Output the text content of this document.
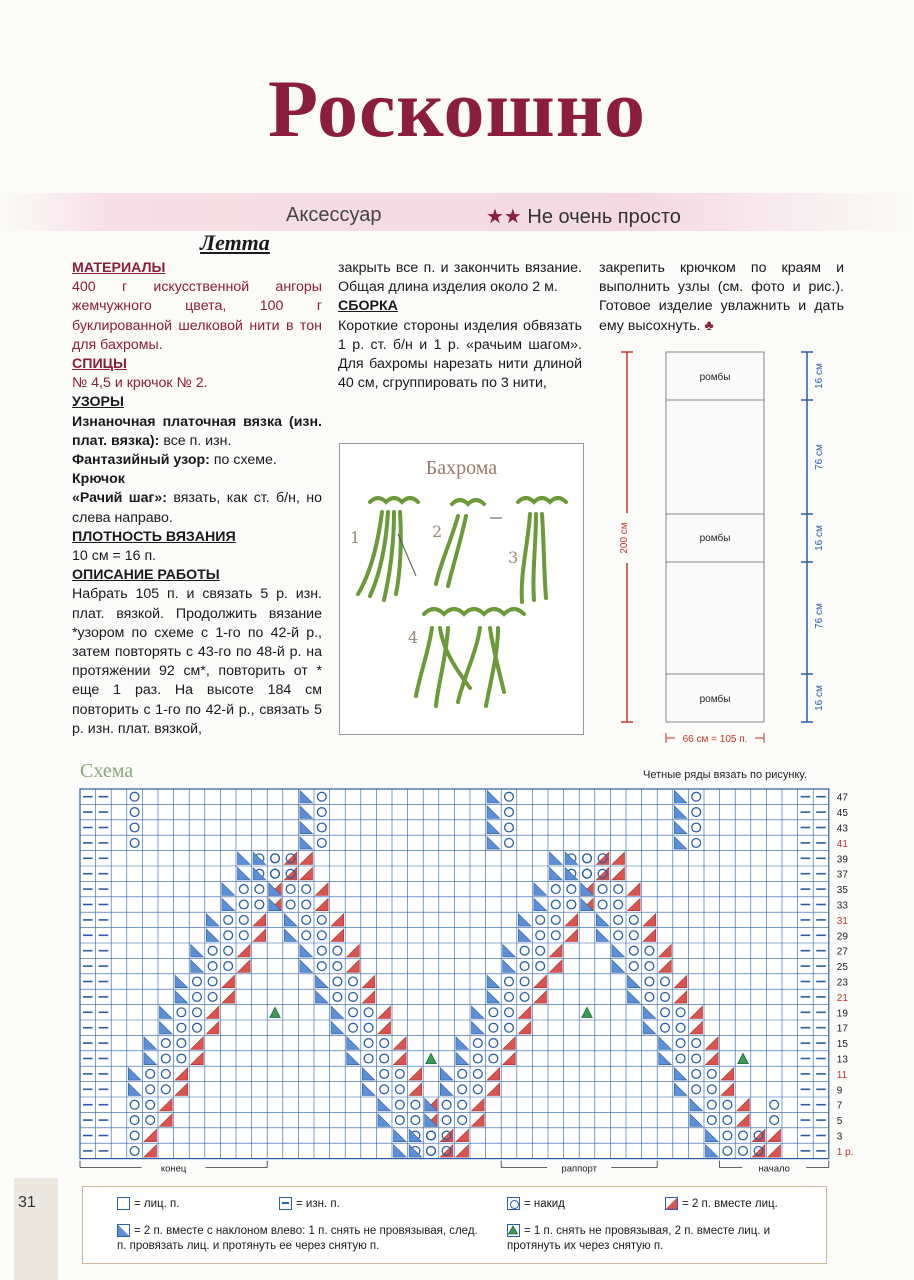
31
Роскошно
Аксессуар	★★ Не очень просто
Летта

МАТЕРИАЛЫ

400 г искусственной ангоры жемчужного цвета, 100 г буклированной шелковой нити в тон для бахромы.

СПИЦЫ

№ 4,5 и крючок № 2.

УЗОРЫ

Изнаночная платочная вязка (изн. плат. вязка): все п. изн.

Фантазийный узор: по схеме.

Крючок

«Рачий шаг»: вязать, как ст. б/н, но слева направо.

ПЛОТНОСТЬ ВЯЗАНИЯ

10 см = 16 п.

ОПИСАНИЕ РАБОТЫ

Набрать 105 п. и связать 5 р. изн. плат. вязкой. Продолжить вязание *узором по схеме с 1-го по 42-й р., затем повторять с 43-го по 48-й р. на протяжении 92 см*, повторить от * еще 1 раз. На высоте 184 см повторить с 1-го по 42-й р., связать 5 р. изн. плат. вязкой,

закрыть все п. и закончить вязание. Общая длина изделия около 2 м.

СБОРКА

Короткие стороны изделия обвязать 1 р. ст. б/н и 1 р. «рачьим шагом». Для бахромы нарезать нити длиной 40 см, сгруппировать по 3 нити,

закрепить крючком по краям и выполнить узлы (см. фото и рис.). Готовое изделие увлажнить и дать ему высохнуть. ♣

Бахрома
1	2
3
4
200 см
ромбы
ромбы
ромбы
16 см
76 см
16 см
76 см
16 см
66 см = 105 п.
Схема	Четные ряды вязать по рисунку.
47
45
43
41
39
37
35
33
31
29
27
25
23
21
19
17
15
13
11
9
7
5
3
1 р.
конец	раппорт	начало
= лиц. п.	= изн. п.	= накид	= 2 п. вместе лиц.
= 2 п. вместе с наклоном влево: 1 п. снять не провязывая, след. п. провязать лиц. и протянуть ее через снятую п.
= 1 п. снять не провязывая, 2 п. вместе лиц. и протянуть их через снятую п.
